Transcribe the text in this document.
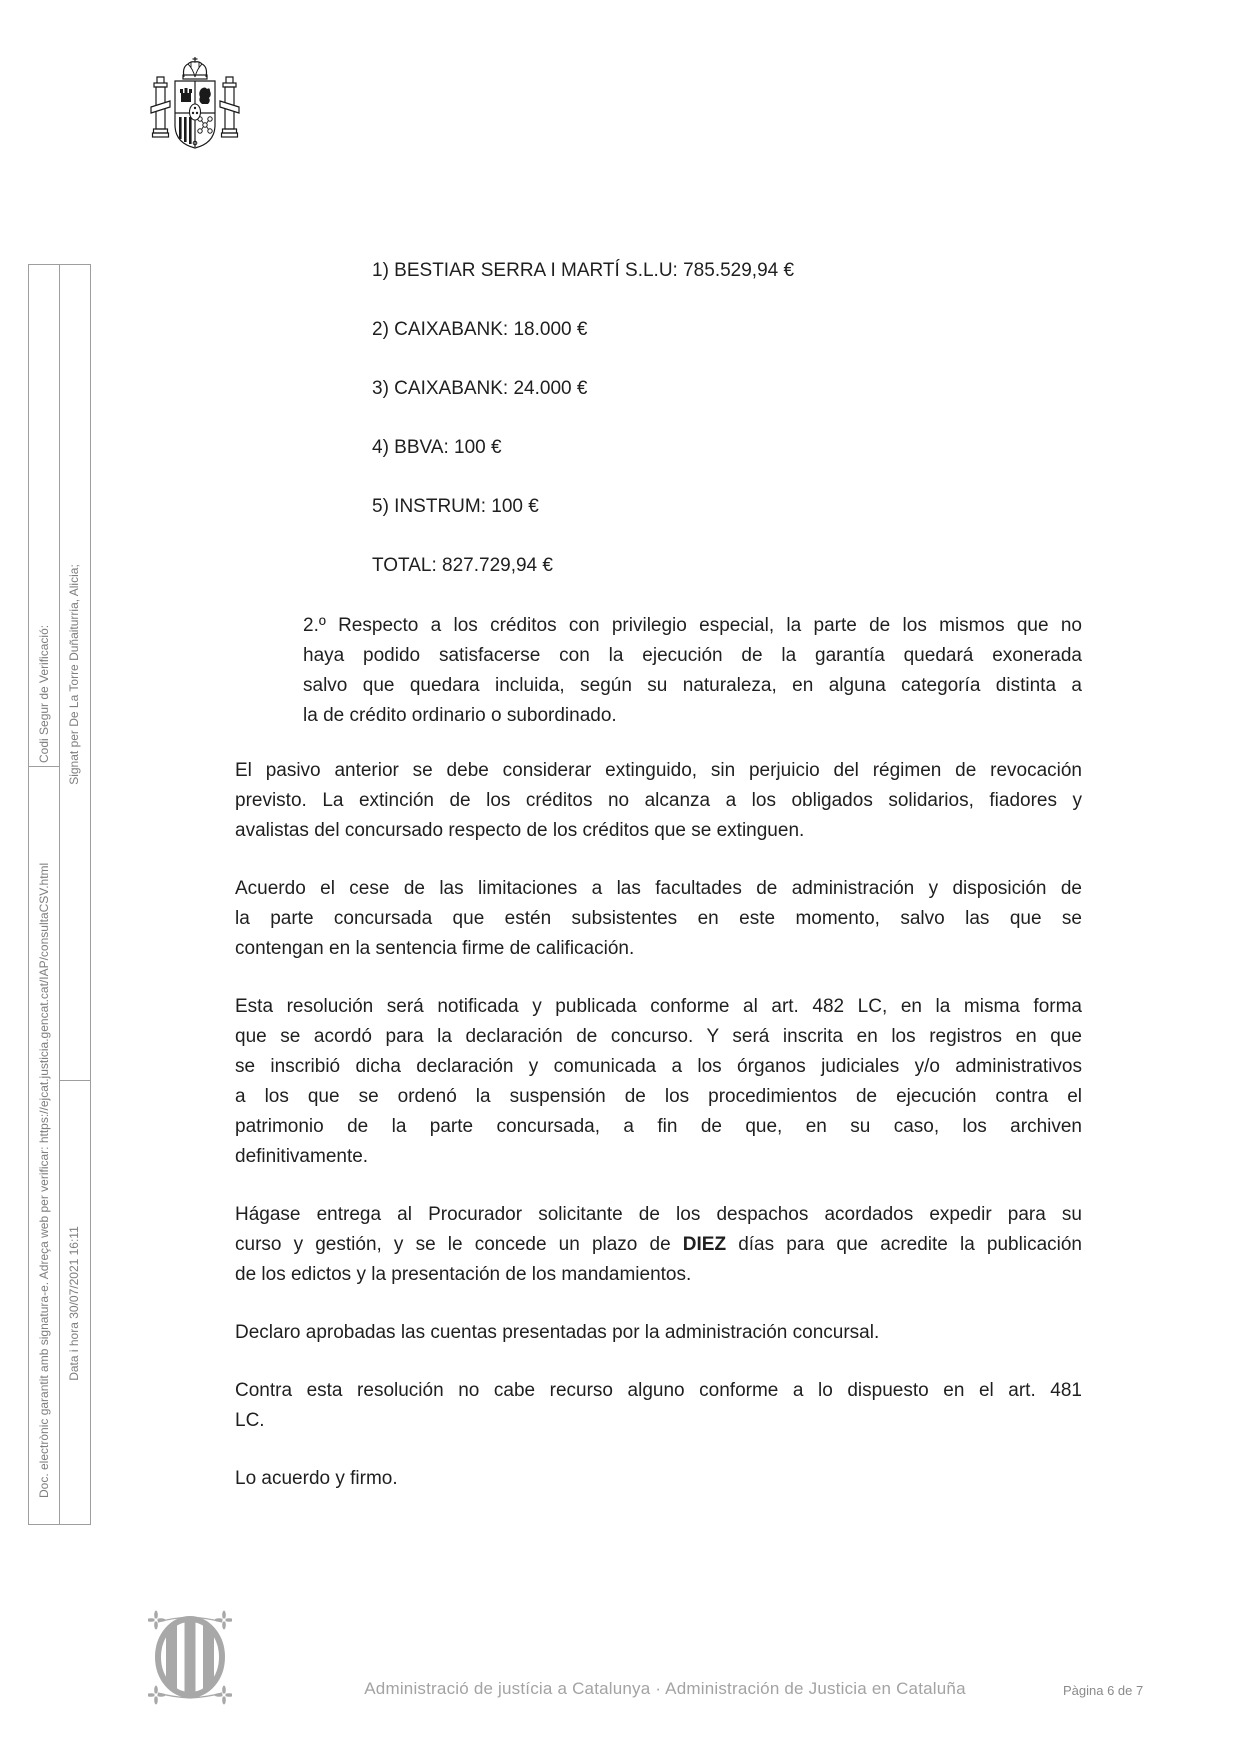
Codi Segur de Verificació:
Doc. electrònic garantit amb signatura-e. Adreça web per verificar: https://ejcat.justicia.gencat.cat/IAP/consultaCSV.html
Signat per De La Torre Duñaiturria, Alicia;
Data i hora 30/07/2021 16:11
1) BESTIAR SERRA I MARTÍ S.L.U: 785.529,94 €
2) CAIXABANK: 18.000 €
3) CAIXABANK: 24.000 €
4) BBVA: 100 €
5) INSTRUM: 100 €
TOTAL: 827.729,94 €
2.º Respecto a los créditos con privilegio especial, la parte de los mismos que no
haya podido satisfacerse con la ejecución de la garantía quedará exonerada
salvo que quedara incluida, según su naturaleza, en alguna categoría distinta a
la de crédito ordinario o subordinado.
El pasivo anterior se debe considerar extinguido, sin perjuicio del régimen de revocación
previsto. La extinción de los créditos no alcanza a los obligados solidarios, fiadores y
avalistas del concursado respecto de los créditos que se extinguen.
Acuerdo el cese de las limitaciones a las facultades de administración y disposición de
la parte concursada que estén subsistentes en este momento, salvo las que se
contengan en la sentencia firme de calificación.
Esta resolución será notificada y publicada conforme al art. 482 LC, en la misma forma
que se acordó para la declaración de concurso. Y será inscrita en los registros en que
se inscribió dicha declaración y comunicada a los órganos judiciales y/o administrativos
a los que se ordenó la suspensión de los procedimientos de ejecución contra el
patrimonio de la parte concursada, a fin de que, en su caso, los archiven
definitivamente.
Hágase entrega al Procurador solicitante de los despachos acordados expedir para su
curso y gestión, y se le concede un plazo de DIEZ días para que acredite la publicación
de los edictos y la presentación de los mandamientos.
Declaro aprobadas las cuentas presentadas por la administración concursal.
Contra esta resolución no cabe recurso alguno conforme a lo dispuesto en el art. 481
LC.
Lo acuerdo y firmo.
Administració de justícia a Catalunya · Administración de Justicia en Cataluña	Pàgina 6 de 7
